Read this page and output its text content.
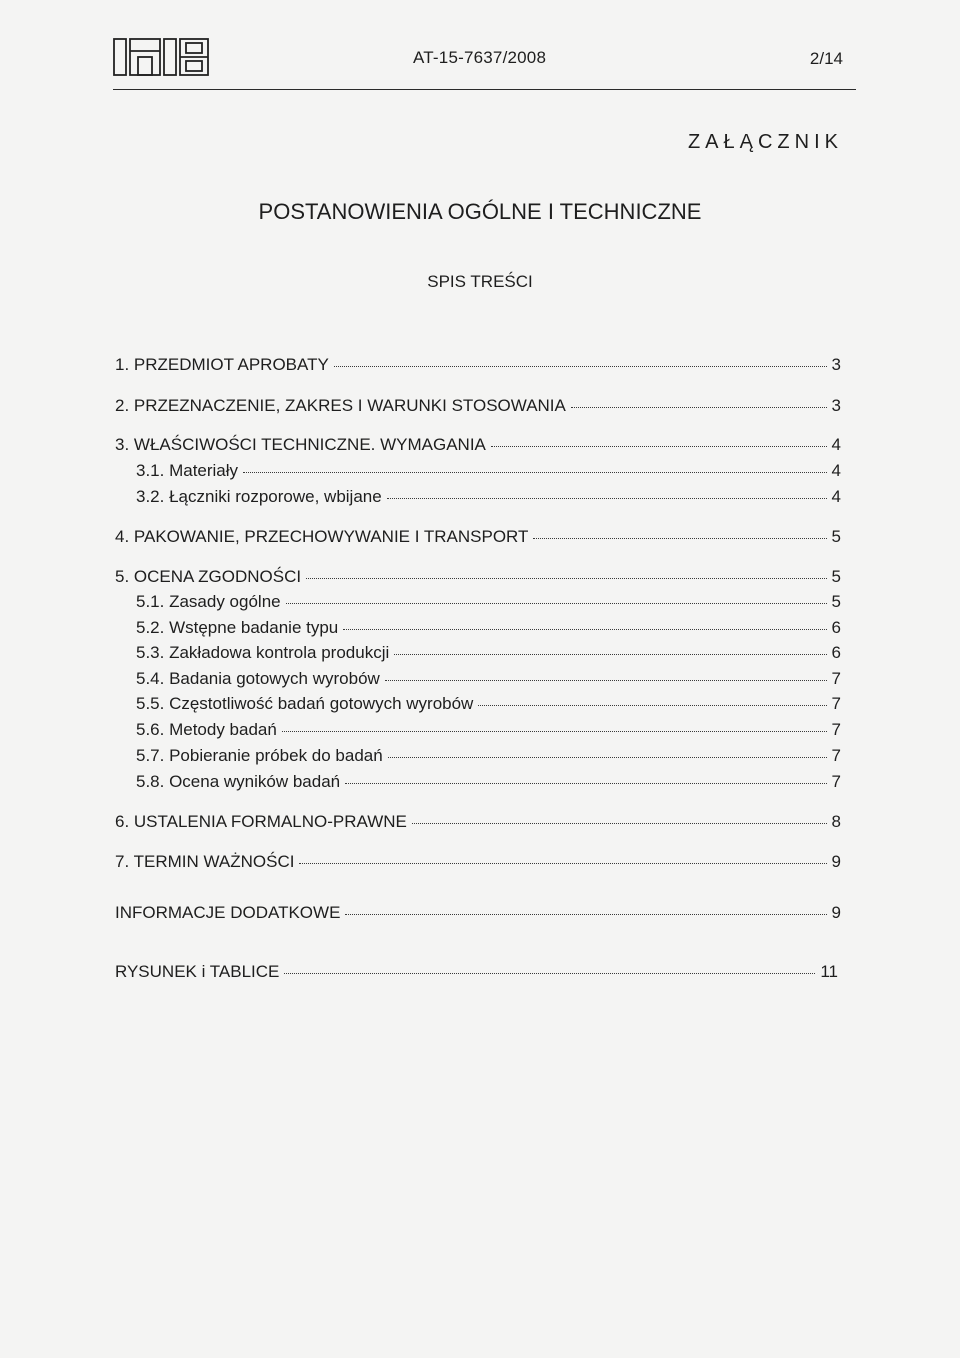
AT-15-7637/2008	2/14
ZAŁĄCZNIK
POSTANOWIENIA OGÓLNE I TECHNICZNE
SPIS TREŚCI
1. PRZEDMIOT APROBATY	3
2. PRZEZNACZENIE, ZAKRES I WARUNKI STOSOWANIA	3
3. WŁAŚCIWOŚCI TECHNICZNE. WYMAGANIA	4
3.1. Materiały	4
3.2. Łączniki rozporowe, wbijane	4
4. PAKOWANIE, PRZECHOWYWANIE I TRANSPORT	5
5. OCENA ZGODNOŚCI	5
5.1. Zasady ogólne	5
5.2. Wstępne badanie typu	6
5.3. Zakładowa kontrola produkcji	6
5.4. Badania gotowych wyrobów	7
5.5. Częstotliwość badań gotowych wyrobów	7
5.6. Metody badań	7
5.7. Pobieranie próbek do badań	7
5.8. Ocena wyników badań	7
6. USTALENIA FORMALNO-PRAWNE	8
7. TERMIN WAŻNOŚCI	9
INFORMACJE DODATKOWE	9
RYSUNEK i TABLICE	11
